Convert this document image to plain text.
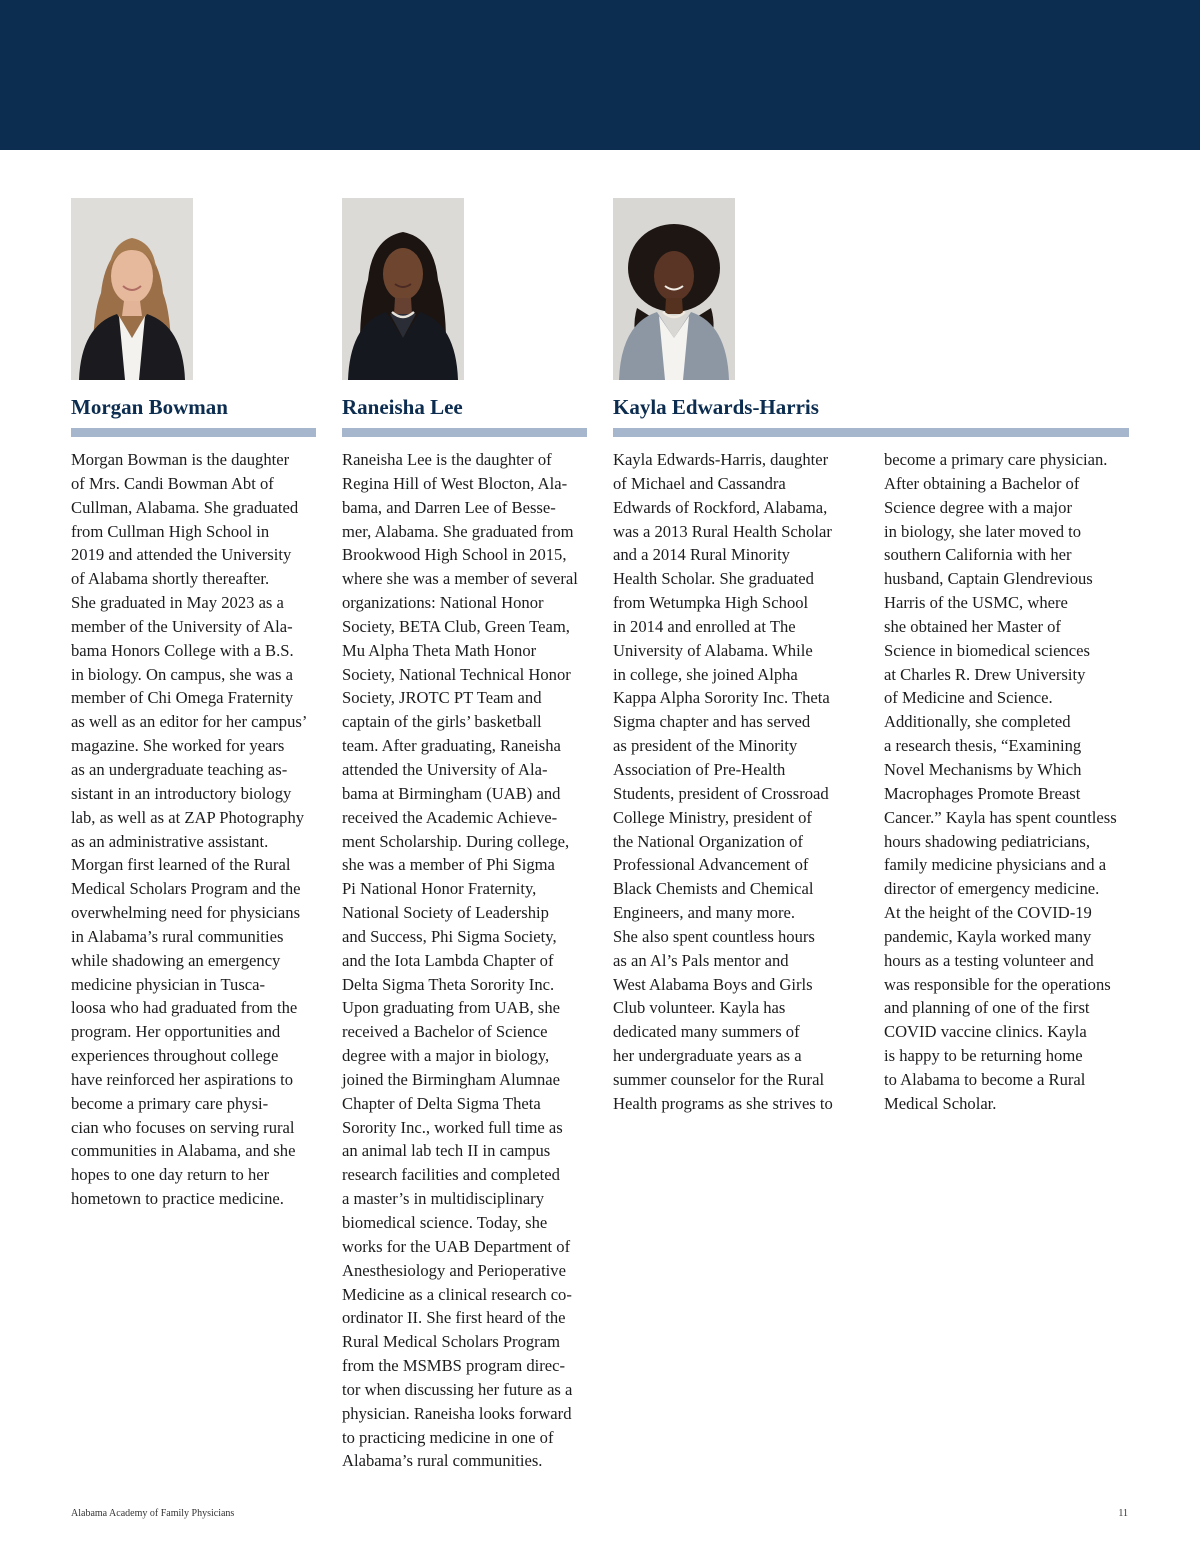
Morgan Bowman	Raneisha Lee	Kayla Edwards-Harris
Morgan Bowman is the daughter
of Mrs. Candi Bowman Abt of
Cullman, Alabama. She graduated
from Cullman High School in
2019 and attended the University
of Alabama shortly thereafter.
She graduated in May 2023 as a
member of the University of Ala-
bama Honors College with a B.S.
in biology. On campus, she was a
member of Chi Omega Fraternity
as well as an editor for her campus’
magazine. She worked for years
as an undergraduate teaching as-
sistant in an introductory biology
lab, as well as at ZAP Photography
as an administrative assistant.
Morgan first learned of the Rural
Medical Scholars Program and the
overwhelming need for physicians
in Alabama’s rural communities
while shadowing an emergency
medicine physician in Tusca-
loosa who had graduated from the
program. Her opportunities and
experiences throughout college
have reinforced her aspirations to
become a primary care physi-
cian who focuses on serving rural
communities in Alabama, and she
hopes to one day return to her
hometown to practice medicine.
Raneisha Lee is the daughter of
Regina Hill of West Blocton, Ala-
bama, and Darren Lee of Besse-
mer, Alabama. She graduated from
Brookwood High School in 2015,
where she was a member of several
organizations: National Honor
Society, BETA Club, Green Team,
Mu Alpha Theta Math Honor
Society, National Technical Honor
Society, JROTC PT Team and
captain of the girls’ basketball
team. After graduating, Raneisha
attended the University of Ala-
bama at Birmingham (UAB) and
received the Academic Achieve-
ment Scholarship. During college,
she was a member of Phi Sigma
Pi National Honor Fraternity,
National Society of Leadership
and Success, Phi Sigma Society,
and the Iota Lambda Chapter of
Delta Sigma Theta Sorority Inc.
Upon graduating from UAB, she
received a Bachelor of Science
degree with a major in biology,
joined the Birmingham Alumnae
Chapter of Delta Sigma Theta
Sorority Inc., worked full time as
an animal lab tech II in campus
research facilities and completed
a master’s in multidisciplinary
biomedical science. Today, she
works for the UAB Department of
Anesthesiology and Perioperative
Medicine as a clinical research co-
ordinator II. She first heard of the
Rural Medical Scholars Program
from the MSMBS program direc-
tor when discussing her future as a
physician. Raneisha looks forward
to practicing medicine in one of
Alabama’s rural communities.
Kayla Edwards-Harris, daughter
of Michael and Cassandra
Edwards of Rockford, Alabama,
was a 2013 Rural Health Scholar
and a 2014 Rural Minority
Health Scholar. She graduated
from Wetumpka High School
in 2014 and enrolled at The
University of Alabama. While
in college, she joined Alpha
Kappa Alpha Sorority Inc. Theta
Sigma chapter and has served
as president of the Minority
Association of Pre-Health
Students, president of Crossroad
College Ministry, president of
the National Organization of
Professional Advancement of
Black Chemists and Chemical
Engineers, and many more.
She also spent countless hours
as an Al’s Pals mentor and
West Alabama Boys and Girls
Club volunteer. Kayla has
dedicated many summers of
her undergraduate years as a
summer counselor for the Rural
Health programs as she strives to
become a primary care physician.
After obtaining a Bachelor of
Science degree with a major
in biology, she later moved to
southern California with her
husband, Captain Glendrevious
Harris of the USMC, where
she obtained her Master of
Science in biomedical sciences
at Charles R. Drew University
of Medicine and Science.
Additionally, she completed
a research thesis, “Examining
Novel Mechanisms by Which
Macrophages Promote Breast
Cancer.” Kayla has spent countless
hours shadowing pediatricians,
family medicine physicians and a
director of emergency medicine.
At the height of the COVID-19
pandemic, Kayla worked many
hours as a testing volunteer and
was responsible for the operations
and planning of one of the first
COVID vaccine clinics. Kayla
is happy to be returning home
to Alabama to become a Rural
Medical Scholar.
Alabama Academy of Family Physicians	11
